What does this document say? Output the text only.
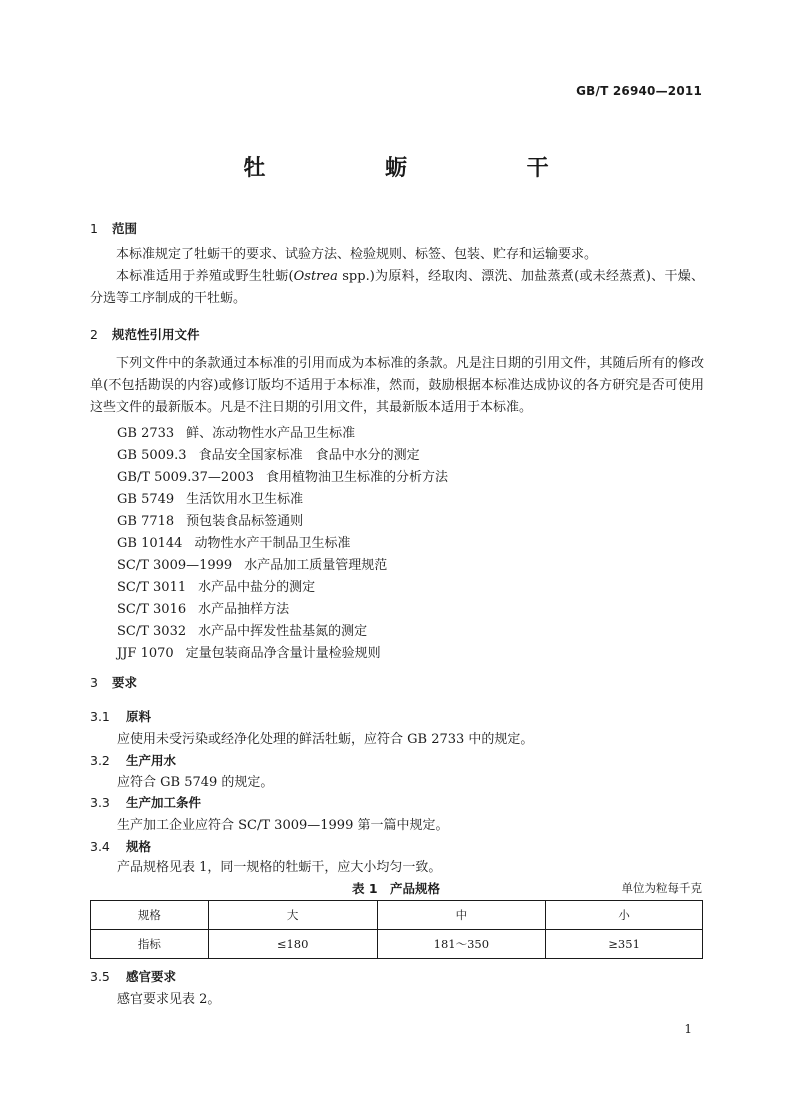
GB/T 26940—2011
牡 蛎 干
1 范围
本标准规定了牡蛎干的要求、试验方法、检验规则、标签、包装、贮存和运输要求。
本标准适用于养殖或野生牡蛎(Ostrea spp.)为原料，经取肉、漂洗、加盐蒸煮(或未经蒸煮)、干燥、分选等工序制成的干牡蛎。
2 规范性引用文件
下列文件中的条款通过本标准的引用而成为本标准的条款。凡是注日期的引用文件，其随后所有的修改单(不包括勘误的内容)或修订版均不适用于本标准，然而，鼓励根据本标准达成协议的各方研究是否可使用这些文件的最新版本。凡是不注日期的引用文件，其最新版本适用于本标准。
GB 2733 鲜、冻动物性水产品卫生标准
GB 5009.3 食品安全国家标准　食品中水分的测定
GB/T 5009.37—2003 食用植物油卫生标准的分析方法
GB 5749 生活饮用水卫生标准
GB 7718 预包装食品标签通则
GB 10144 动物性水产干制品卫生标准
SC/T 3009—1999 水产品加工质量管理规范
SC/T 3011 水产品中盐分的测定
SC/T 3016 水产品抽样方法
SC/T 3032 水产品中挥发性盐基氮的测定
JJF 1070 定量包装商品净含量计量检验规则
3 要求
3.1 原料
应使用未受污染或经净化处理的鲜活牡蛎，应符合 GB 2733 中的规定。
3.2 生产用水
应符合 GB 5749 的规定。
3.3 生产加工条件
生产加工企业应符合 SC/T 3009—1999 第一篇中规定。
3.4 规格
产品规格见表 1，同一规格的牡蛎干，应大小均匀一致。
表 1　产品规格	单位为粒每千克
规格	大	中	小
指标	≤180	181～350	≥351
3.5 感官要求
感官要求见表 2。
1
